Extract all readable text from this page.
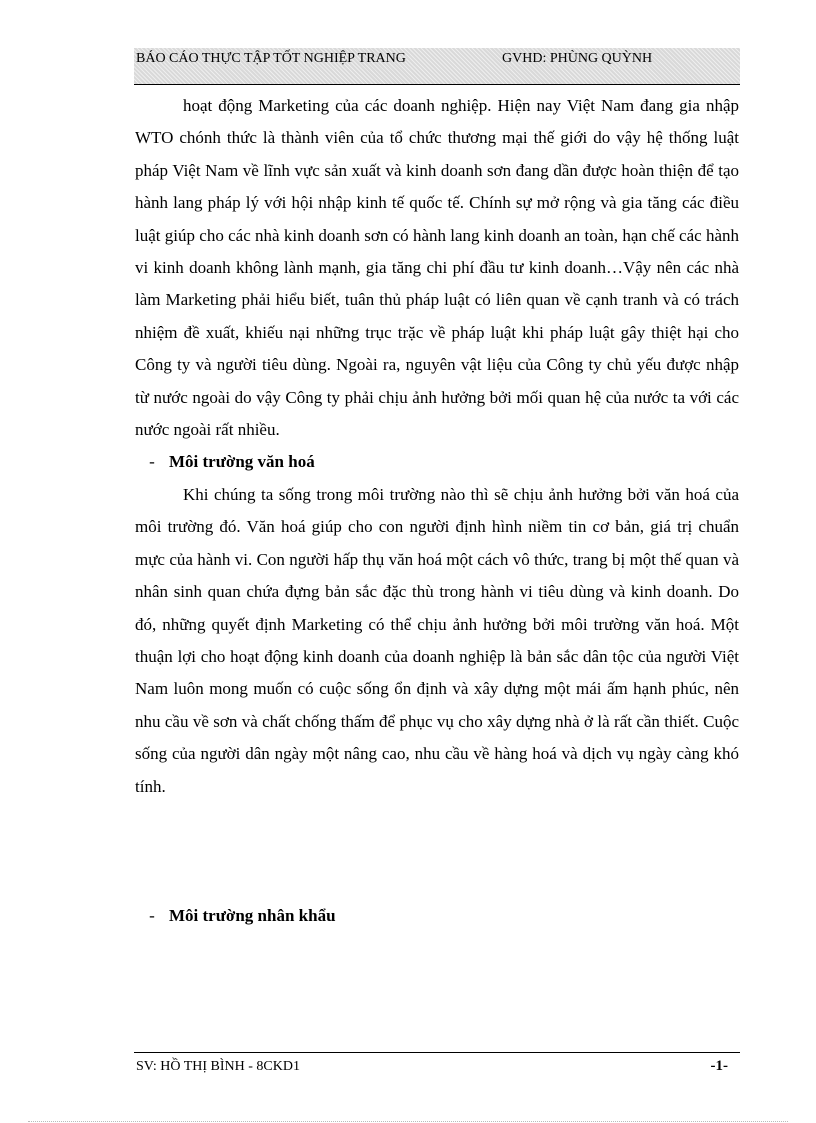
BÁO CÁO THỰC TẬP TỐT NGHIỆP TRANG	GVHD: PHÙNG QUỲNH

hoạt động Marketing của các doanh nghiệp. Hiện nay Việt Nam đang gia nhập WTO chónh thức là thành viên của tổ chức thương mại thế giới do vậy hệ thống luật pháp Việt Nam về lĩnh vực sản xuất và kinh doanh sơn đang dần được hoàn thiện để tạo hành lang pháp lý với hội nhập kinh tế quốc tế. Chính sự mở rộng và gia tăng các điều luật giúp cho các nhà kinh doanh sơn có hành lang kinh doanh an toàn, hạn chế các hành vi kinh doanh không lành mạnh, gia tăng chi phí đầu tư kinh doanh…Vậy nên các nhà làm Marketing phải hiểu biết, tuân thủ pháp luật có liên quan về cạnh tranh và có trách nhiệm đề xuất, khiếu nại những trục trặc về pháp luật khi pháp luật gây thiệt hại cho Công ty và người tiêu dùng. Ngoài ra, nguyên vật liệu của Công ty chủ yếu được nhập từ nước ngoài do vậy Công ty phải chịu ảnh hưởng bởi mối quan hệ của nước ta với các nước ngoài rất nhiều.

- Môi trường văn hoá

Khi chúng ta sống trong môi trường nào thì sẽ chịu ảnh hưởng bởi văn hoá của môi trường đó. Văn hoá giúp cho con người định hình niềm tin cơ bản, giá trị chuẩn mực của hành vi. Con người hấp thụ văn hoá một cách vô thức, trang bị một thế quan và nhân sinh quan chứa đựng bản sắc đặc thù trong hành vi tiêu dùng và kinh doanh. Do đó, những quyết định Marketing có thể chịu ảnh hưởng bởi môi trường văn hoá. Một thuận lợi cho hoạt động kinh doanh của doanh nghiệp là bản sắc dân tộc của người Việt Nam luôn mong muốn có cuộc sống ổn định và xây dựng một mái ấm hạnh phúc, nên nhu cầu về sơn và chất chống thấm để phục vụ cho xây dựng nhà ở là rất cần thiết. Cuộc sống của người dân ngày một nâng cao, nhu cầu về hàng hoá và dịch vụ ngày càng khó tính.

- Môi trường nhân khẩu

SV: HỒ THỊ BÌNH - 8CKD1	-1-
